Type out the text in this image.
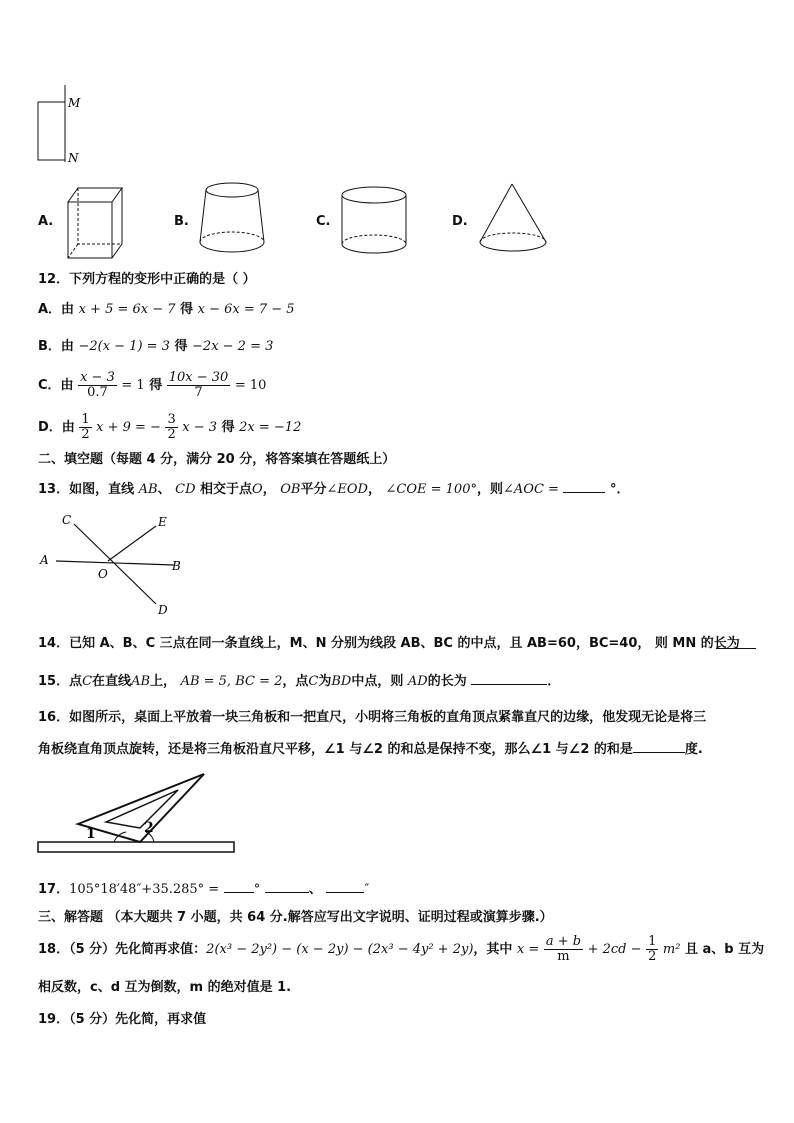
M
N
A.	B.	C.	D.
12．下列方程的变形中正确的是（ ）
A．由 x + 5 = 6x − 7 得 x − 6x = 7 − 5
B．由 −2(x − 1) = 3 得 −2x − 2 = 3
C．由 $\frac{x - 3}{0.7} = 1$ 得 $\frac{10x - 30}{7} = 10$
D．由 $\frac{1}{2}$ x + 9 = − $\frac{3}{2}$ x − 3 得 2x = −12
二、填空题（每题 4 分，满分 20 分，将答案填在答题纸上）
13．如图，直线 AB、 CD 相交于点O， OB平分∠EOD， ∠COE = 100°，则∠AOC =	°．
C	E
A
O
B
D
14．已知 A、B、C 三点在同一条直线上，M、N 分别为线段 AB、BC 的中点，且 AB=60，BC=40， 则 MN 的长为
15．点C在直线AB上， AB = 5, BC = 2，点C为BD中点，则 AD的长为	．
16．如图所示，桌面上平放着一块三角板和一把直尺，小明将三角板的直角顶点紧靠直尺的边缘，他发现无论是将三
角板绕直角顶点旋转，还是将三角板沿直尺平移，∠1 与∠2 的和总是保持不变，那么∠1 与∠2 的和是	度.
1	2
17．105°18′48″+35.285° =	°	、	″
三、解答题 （本大题共 7 小题，共 64 分.解答应写出文字说明、证明过程或演算步骤.）
18．（5 分）先化简再求值：2(x³ − 2y²) − (x − 2y) − (2x³ − 4y² + 2y)，其中 $x = \frac{a + b}{m} + 2cd - \frac{1}{2} m^2$ 且 a、b 互为
相反数，c、d 互为倒数，m 的绝对值是 1.
19．（5 分）先化简，再求值
